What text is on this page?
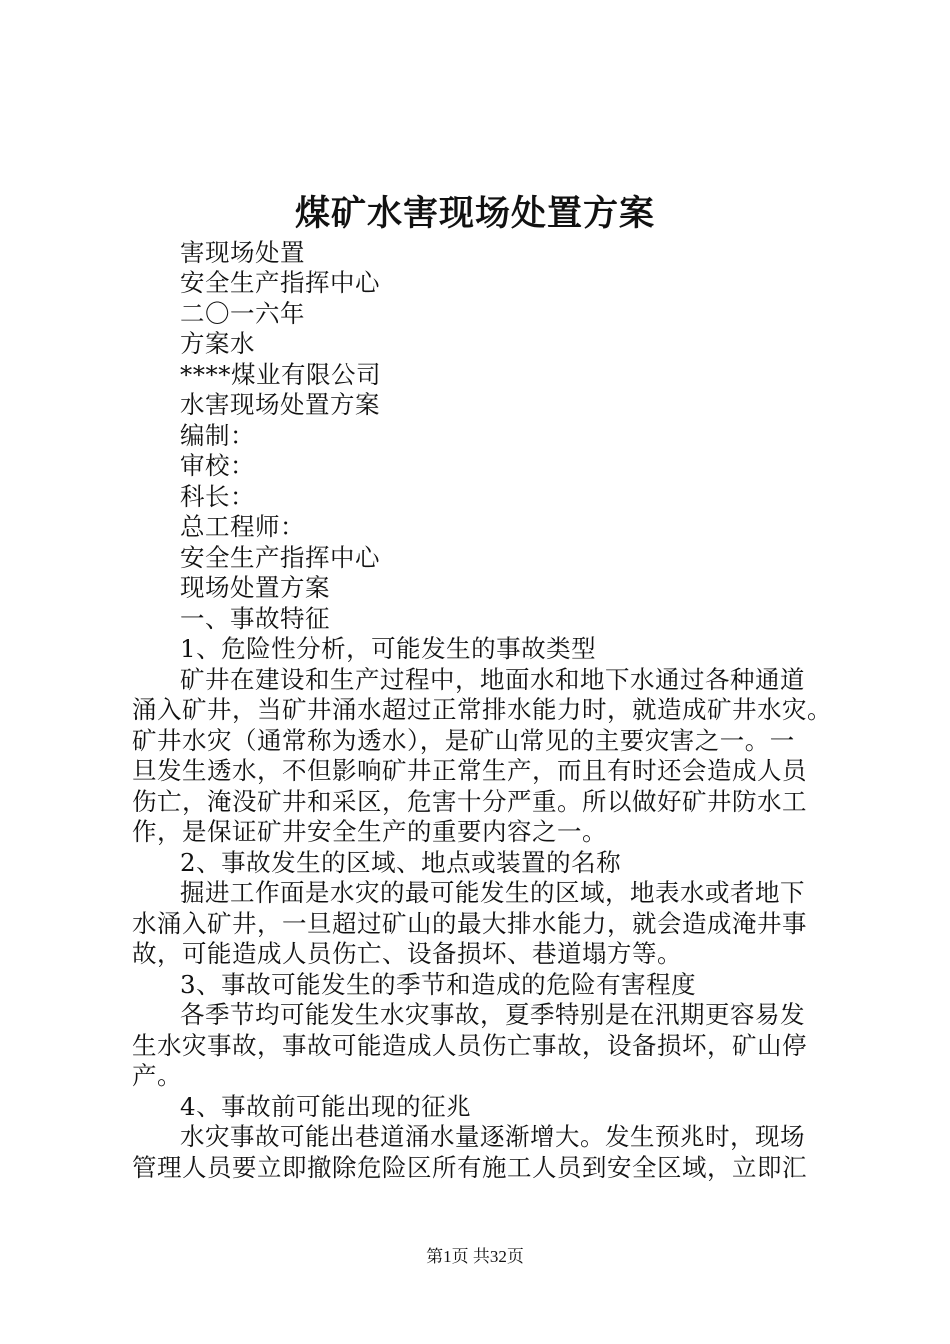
煤矿水害现场处置方案
害现场处置
安全生产指挥中心
二〇一六年
方案水
****煤业有限公司
水害现场处置方案
编制：
审校：
科长：
总工程师：
安全生产指挥中心
现场处置方案
一、事故特征
1、危险性分析，可能发生的事故类型
矿井在建设和生产过程中，地面水和地下水通过各种通道
涌入矿井，当矿井涌水超过正常排水能力时，就造成矿井水灾。
矿井水灾（通常称为透水），是矿山常见的主要灾害之一。一
旦发生透水，不但影响矿井正常生产，而且有时还会造成人员
伤亡，淹没矿井和采区，危害十分严重。所以做好矿井防水工
作，是保证矿井安全生产的重要内容之一。
2、事故发生的区域、地点或装置的名称
掘进工作面是水灾的最可能发生的区域，地表水或者地下
水涌入矿井，一旦超过矿山的最大排水能力，就会造成淹井事
故，可能造成人员伤亡、设备损坏、巷道塌方等。
3、事故可能发生的季节和造成的危险有害程度
各季节均可能发生水灾事故，夏季特别是在汛期更容易发
生水灾事故，事故可能造成人员伤亡事故，设备损坏，矿山停
产。
4、事故前可能出现的征兆
水灾事故可能出巷道涌水量逐渐增大。发生预兆时，现场
管理人员要立即撤除危险区所有施工人员到安全区域，立即汇
第1页 共32页
